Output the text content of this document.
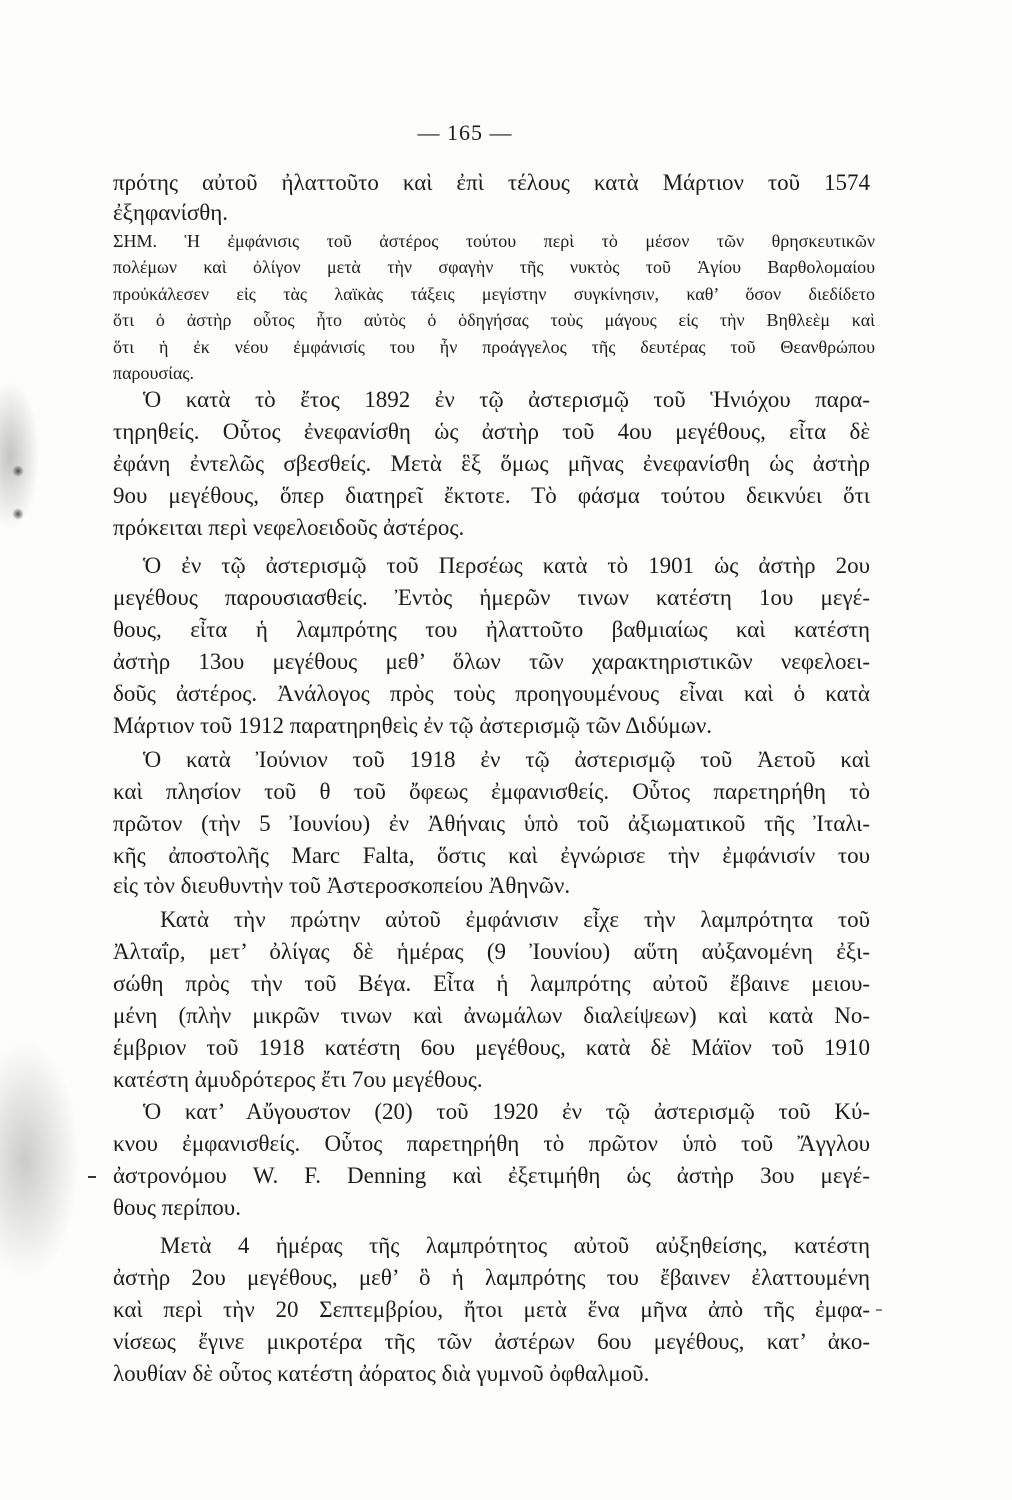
— 165 —
πρότης αὐτοῦ ἠλαττοῦτο καὶ ἐπὶ τέλους κατὰ Μάρτιον τοῦ 1574
ἐξηφανίσθη.
ΣΗΜ. Ἡ ἐμφάνισις τοῦ ἀστέρος τούτου περὶ τὸ μέσον τῶν θρησκευτικῶν
πολέμων καὶ ὀλίγον μετὰ τὴν σφαγὴν τῆς νυκτὸς τοῦ Ἁγίου Βαρθολομαίου
προὐκάλεσεν εἰς τὰς λαϊκὰς τάξεις μεγίστην συγκίνησιν, καθ’ ὅσον διεδίδετο
ὅτι ὁ ἀστὴρ οὗτος ἦτο αὐτὸς ὁ ὁδηγήσας τοὺς μάγους εἰς τὴν Βηθλεὲμ καὶ
ὅτι ἡ ἐκ νέου ἐμφάνισίς του ἦν προάγγελος τῆς δευτέρας τοῦ Θεανθρώπου
παρουσίας.
Ὁ κατὰ τὸ ἔτος 1892 ἐν τῷ ἀστερισμῷ τοῦ Ἡνιόχου παρα-
τηρηθείς. Οὗτος ἐνεφανίσθη ὡς ἀστὴρ τοῦ 4ου μεγέθους, εἶτα δὲ
ἐφάνη ἐντελῶς σβεσθείς. Μετὰ ἓξ ὅμως μῆνας ἐνεφανίσθη ὡς ἀστὴρ
9ου μεγέθους, ὅπερ διατηρεῖ ἔκτοτε. Τὸ φάσμα τούτου δεικνύει ὅτι
πρόκειται περὶ νεφελοειδοῦς ἀστέρος.
Ὁ ἐν τῷ ἀστερισμῷ τοῦ Περσέως κατὰ τὸ 1901 ὡς ἀστὴρ 2ου
μεγέθους παρουσιασθείς. Ἐντὸς ἡμερῶν τινων κατέστη 1ου μεγέ-
θους, εἶτα ἡ λαμπρότης του ἠλαττοῦτο βαθμιαίως καὶ κατέστη
ἀστὴρ 13ου μεγέθους μεθ’ ὅλων τῶν χαρακτηριστικῶν νεφελοει-
δοῦς ἀστέρος. Ἀνάλογος πρὸς τοὺς προηγουμένους εἶναι καὶ ὁ κατὰ
Μάρτιον τοῦ 1912 παρατηρηθεὶς ἐν τῷ ἀστερισμῷ τῶν Διδύμων.
Ὁ κατὰ Ἰούνιον τοῦ 1918 ἐν τῷ ἀστερισμῷ τοῦ Ἀετοῦ καὶ
καὶ πλησίον τοῦ θ τοῦ ὄφεως ἐμφανισθείς. Οὗτος παρετηρήθη τὸ
πρῶτον (τὴν 5 Ἰουνίου) ἐν Ἀθήναις ὑπὸ τοῦ ἀξιωματικοῦ τῆς Ἰταλι-
κῆς ἀποστολῆς Marc Falta, ὅστις καὶ ἐγνώρισε τὴν ἐμφάνισίν του
εἰς τὸν διευθυντὴν τοῦ Ἀστεροσκοπείου Ἀθηνῶν.
Κατὰ τὴν πρώτην αὐτοῦ ἐμφάνισιν εἶχε τὴν λαμπρότητα τοῦ
Ἀλταΐρ, μετ’ ὀλίγας δὲ ἡμέρας (9 Ἰουνίου) αὕτη αὐξανομένη ἐξι-
σώθη πρὸς τὴν τοῦ Βέγα. Εἶτα ἡ λαμπρότης αὐτοῦ ἔβαινε μειου-
μένη (πλὴν μικρῶν τινων καὶ ἀνωμάλων διαλείψεων) καὶ κατὰ Νο-
έμβριον τοῦ 1918 κατέστη 6ου μεγέθους, κατὰ δὲ Μάϊον τοῦ 1910
κατέστη ἀμυδρότερος ἔτι 7ου μεγέθους.
Ὁ κατ’ Αὔγουστον (20) τοῦ 1920 ἐν τῷ ἀστερισμῷ τοῦ Κύ-
κνου ἐμφανισθείς. Οὗτος παρετηρήθη τὸ πρῶτον ὑπὸ τοῦ Ἄγγλου
ἀστρονόμου W. F. Denning καὶ ἐξετιμήθη ὡς ἀστὴρ 3ου μεγέ-
θους περίπου.
Μετὰ 4 ἡμέρας τῆς λαμπρότητος αὐτοῦ αὐξηθείσης, κατέστη
ἀστὴρ 2ου μεγέθους, μεθ’ ὃ ἡ λαμπρότης του ἔβαινεν ἐλαττουμένη
καὶ περὶ τὴν 20 Σεπτεμβρίου, ἤτοι μετὰ ἕνα μῆνα ἀπὸ τῆς ἐμφα-
νίσεως ἔγινε μικροτέρα τῆς τῶν ἀστέρων 6ου μεγέθους, κατ’ ἀκο-
λουθίαν δὲ οὗτος κατέστη ἀόρατος διὰ γυμνοῦ ὀφθαλμοῦ.
